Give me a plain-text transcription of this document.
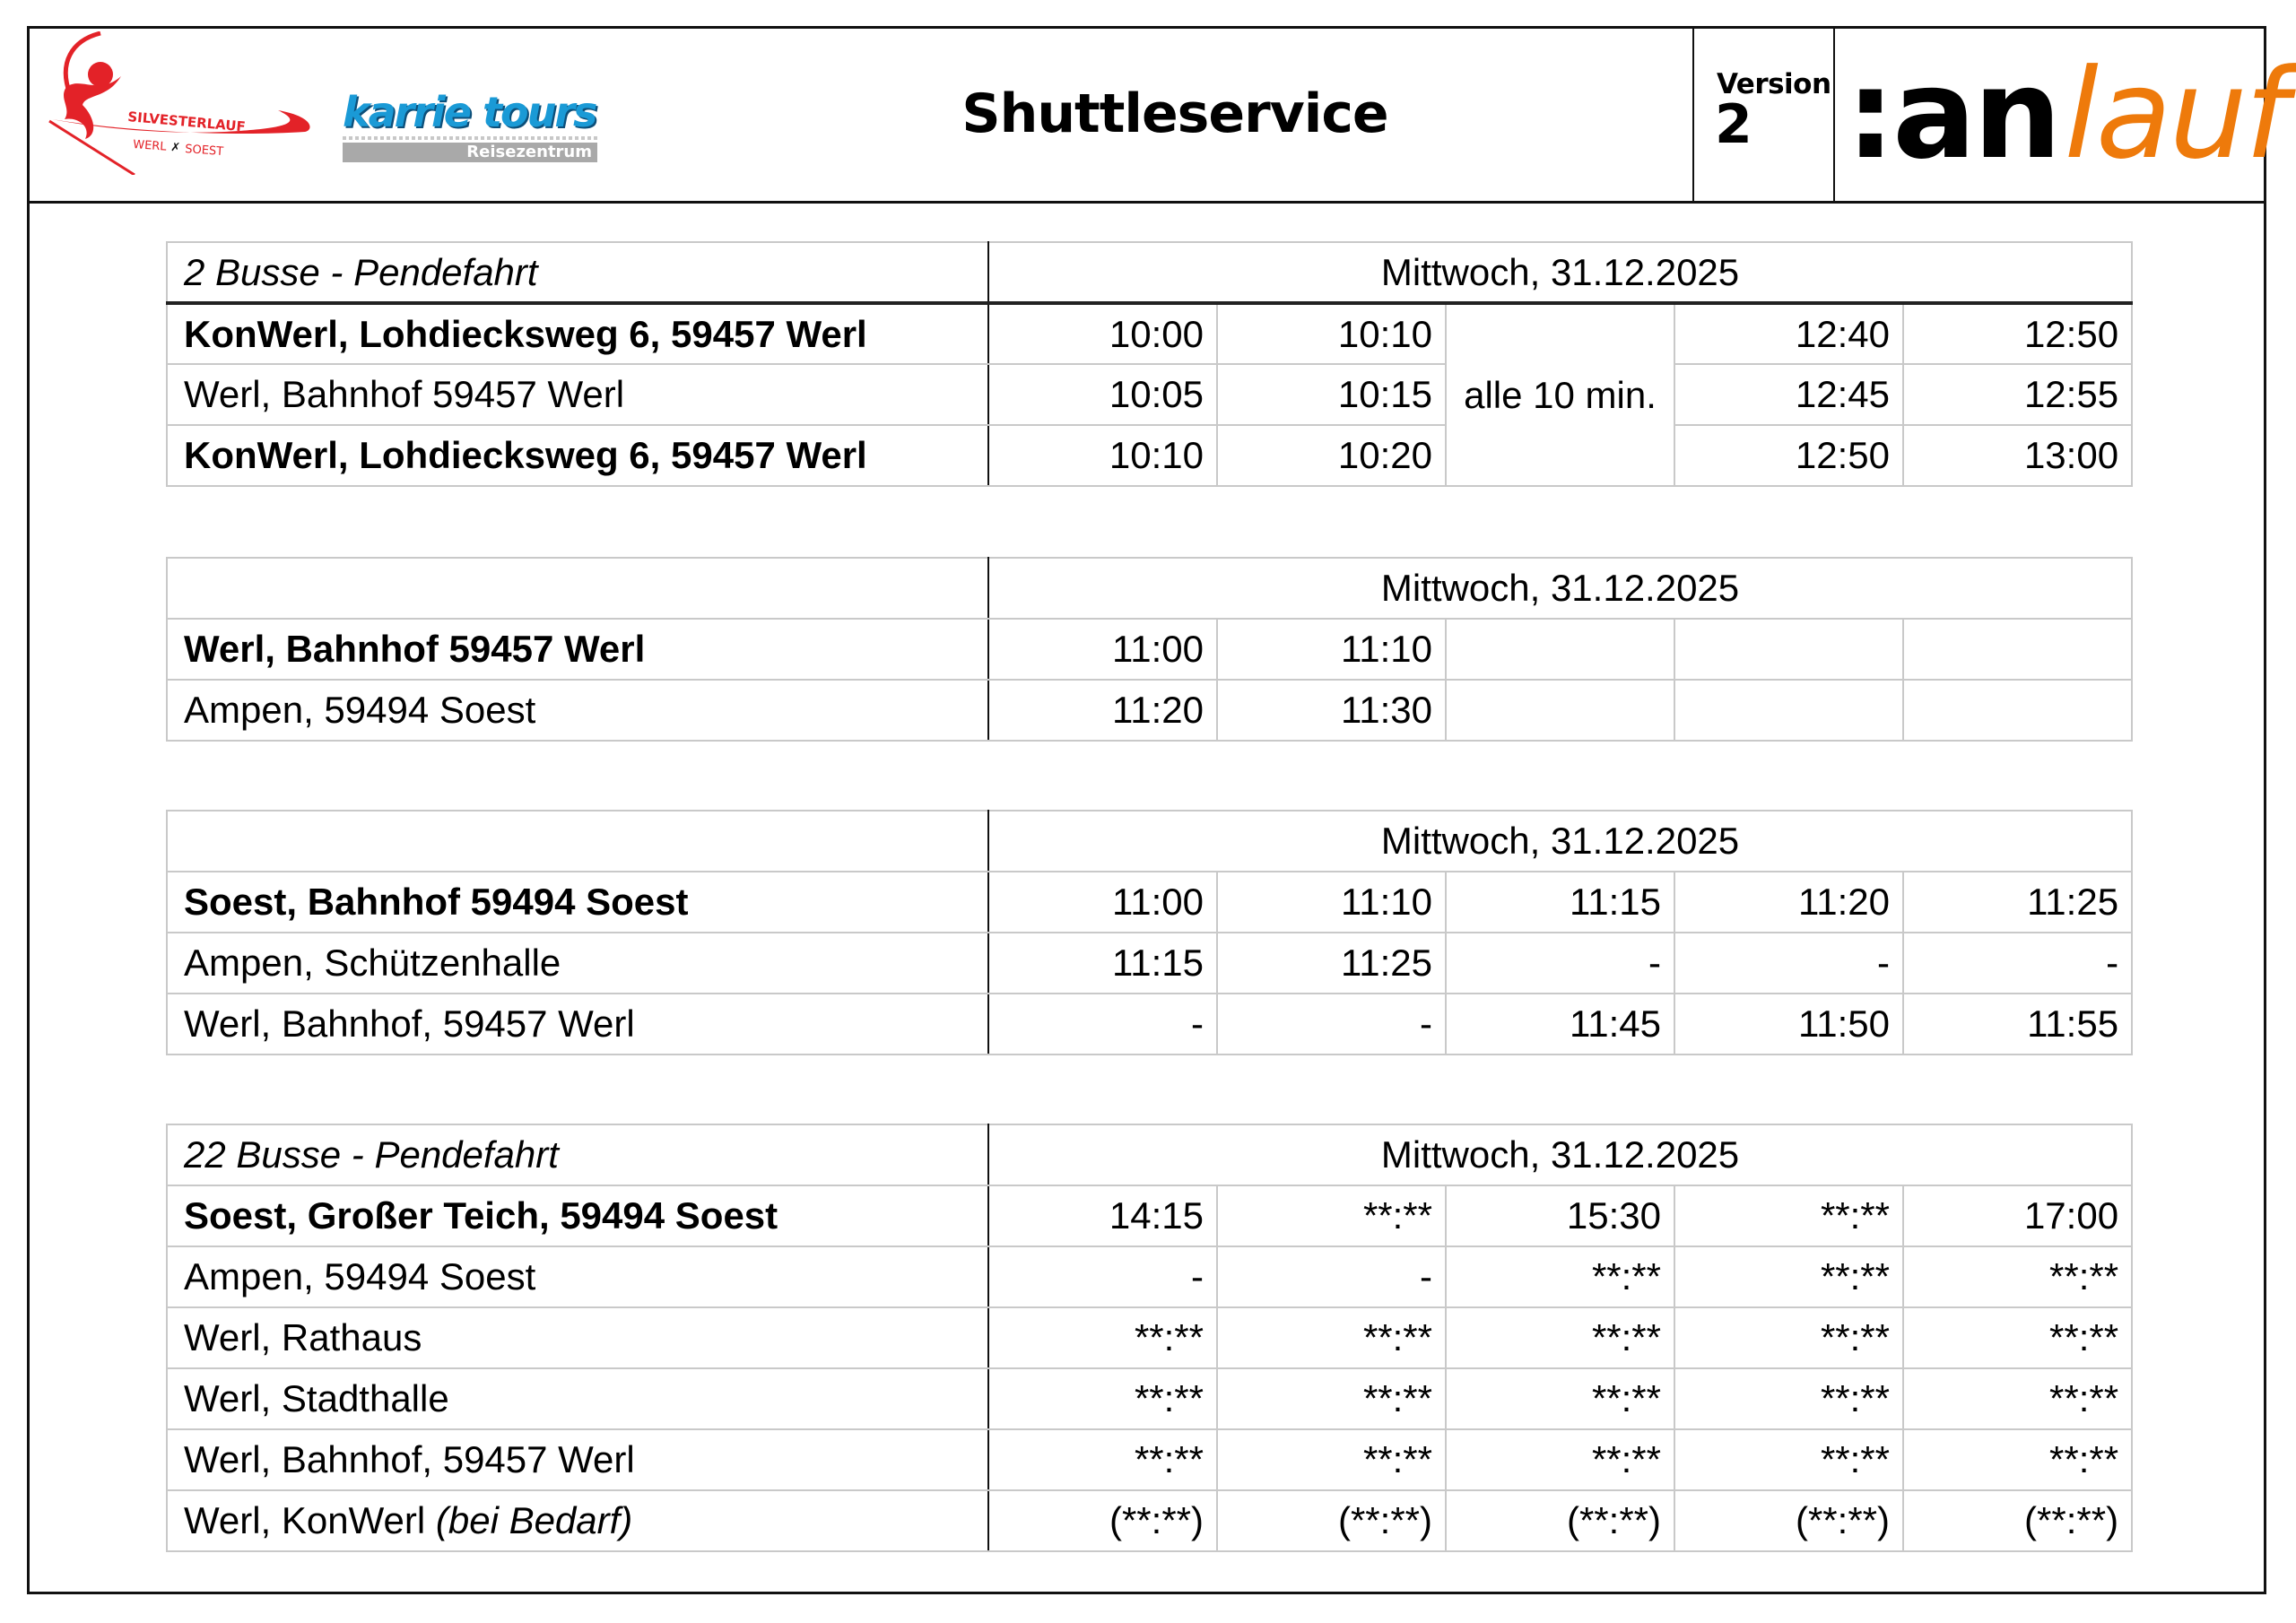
SILVESTERLAUF
WERL ✗ SOEST
karrie tours
Reisezentrum
Shuttleservice	Version
2 :an lauf
2 Busse - Pendefahrt	Mittwoch, 31.12.2025				
KonWerl, Lohdiecksweg 6, 59457 Werl	10:00	10:10	alle 10 min.	12:40	12:50
Werl, Bahnhof 59457 Werl	10:05	10:15		12:45	12:55
KonWerl, Lohdiecksweg 6, 59457 Werl	10:10	10:20		12:50	13:00
	Mittwoch, 31.12.2025				
Werl, Bahnhof 59457 Werl	11:00	11:10			
Ampen, 59494 Soest	11:20	11:30			
	Mittwoch, 31.12.2025				
Soest, Bahnhof 59494 Soest	11:00	11:10	11:15	11:20	11:25
Ampen, Schützenhalle	11:15	11:25	-	-	-
Werl, Bahnhof, 59457 Werl	-	-	11:45	11:50	11:55
22 Busse - Pendefahrt	Mittwoch, 31.12.2025				
Soest, Großer Teich, 59494 Soest	14:15	**:**	15:30	**:**	17:00
Ampen, 59494 Soest	-	-	**:**	**:**	**:**
Werl, Rathaus	**:**	**:**	**:**	**:**	**:**
Werl, Stadthalle	**:**	**:**	**:**	**:**	**:**
Werl, Bahnhof, 59457 Werl	**:**	**:**	**:**	**:**	**:**
Werl, KonWerl (bei Bedarf)	(**:**)	(**:**)	(**:**)	(**:**)	(**:**)
